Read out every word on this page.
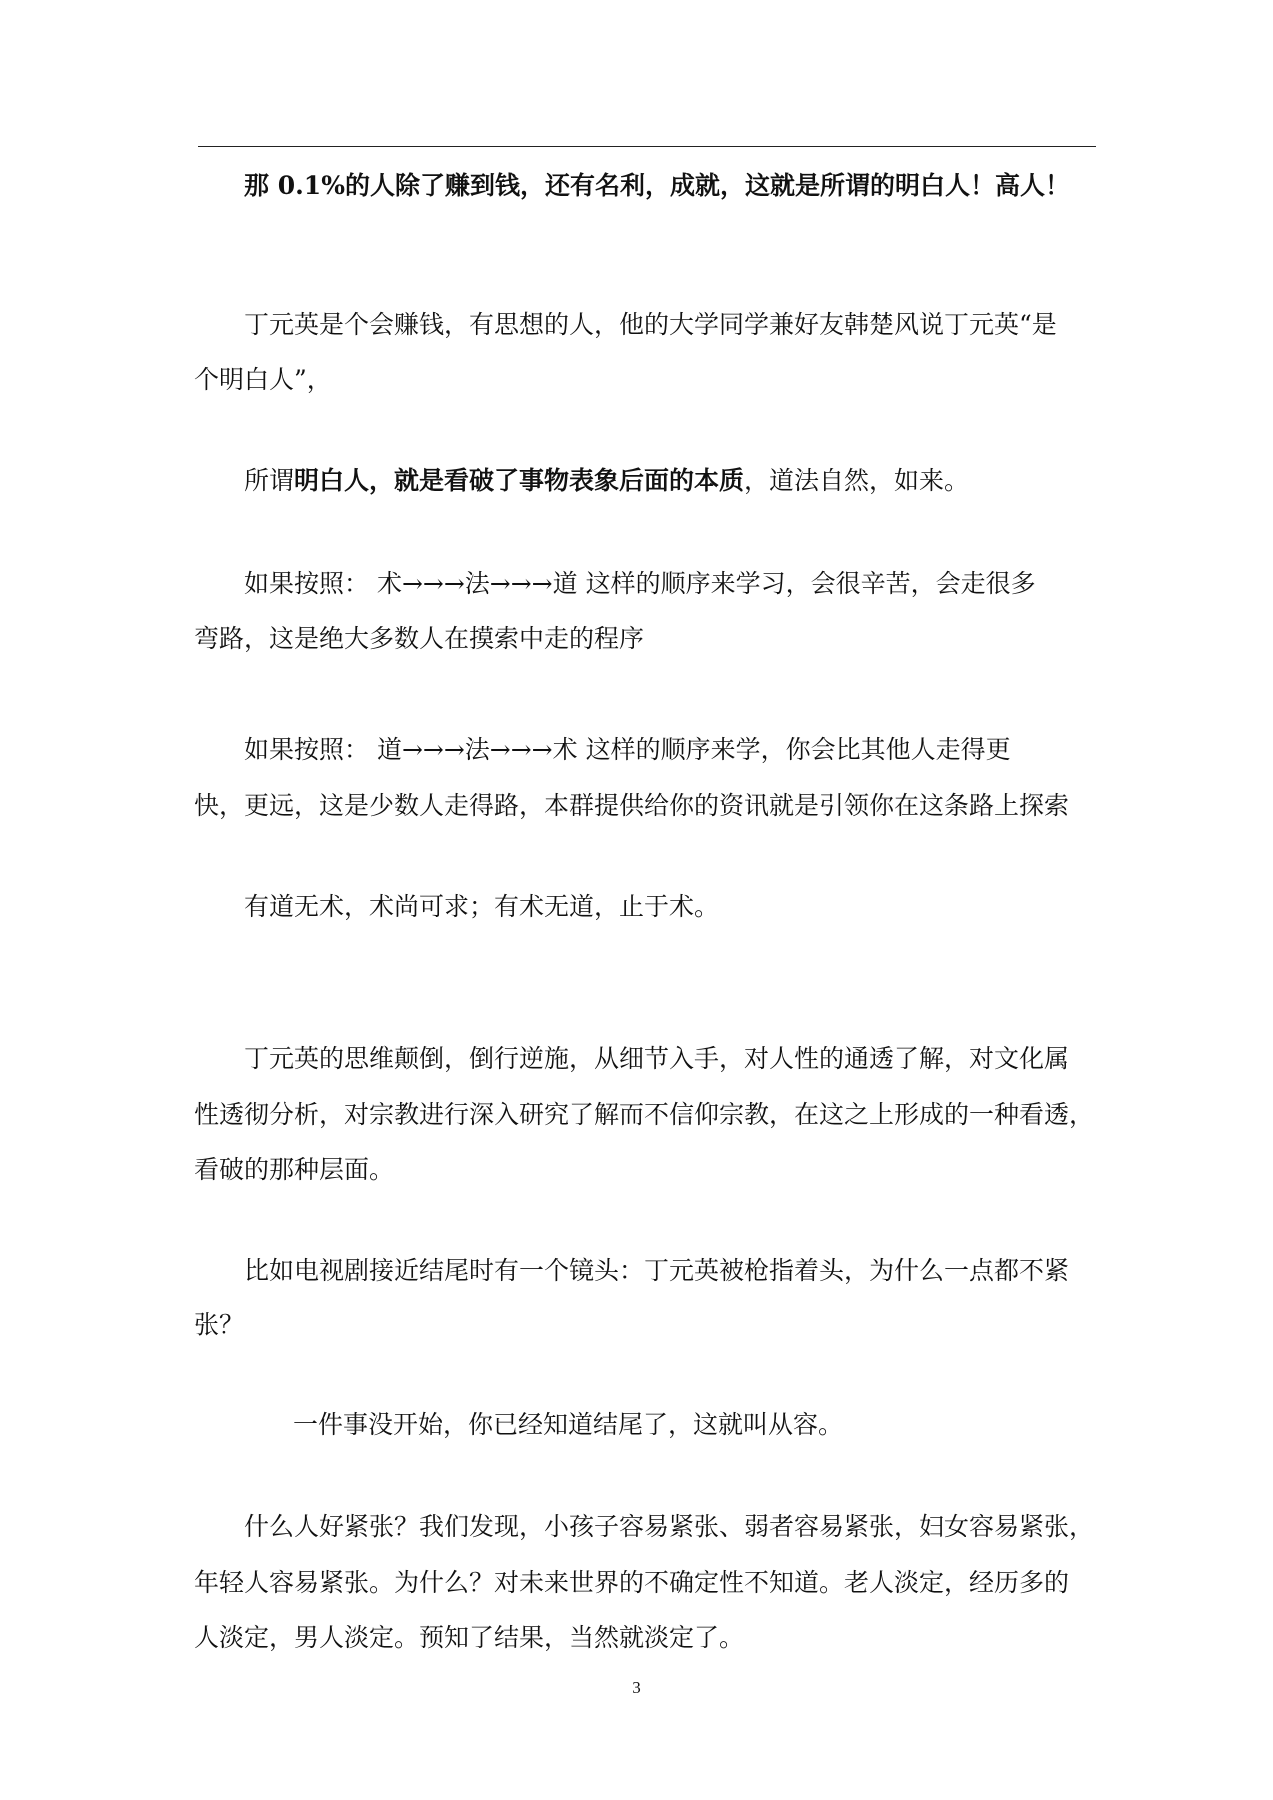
那 0.1%的人除了赚到钱，还有名利，成就，这就是所谓的明白人！高人！
丁元英是个会赚钱，有思想的人，他的大学同学兼好友韩楚风说丁元英“是
个明白人”，
所谓明白人，就是看破了事物表象后面的本质，道法自然，如来。
如果按照： 术→→→法→→→道 这样的顺序来学习，会很辛苦，会走很多
弯路，这是绝大多数人在摸索中走的程序
如果按照： 道→→→法→→→术 这样的顺序来学，你会比其他人走得更
快，更远，这是少数人走得路，本群提供给你的资讯就是引领你在这条路上探索
有道无术，术尚可求；有术无道，止于术。
丁元英的思维颠倒，倒行逆施，从细节入手，对人性的通透了解，对文化属
性透彻分析，对宗教进行深入研究了解而不信仰宗教，在这之上形成的一种看透，
看破的那种层面。
比如电视剧接近结尾时有一个镜头：丁元英被枪指着头，为什么一点都不紧
张？
一件事没开始，你已经知道结尾了，这就叫从容。
什么人好紧张？我们发现，小孩子容易紧张、弱者容易紧张，妇女容易紧张，
年轻人容易紧张。为什么？对未来世界的不确定性不知道。老人淡定，经历多的
人淡定，男人淡定。预知了结果，当然就淡定了。
3
